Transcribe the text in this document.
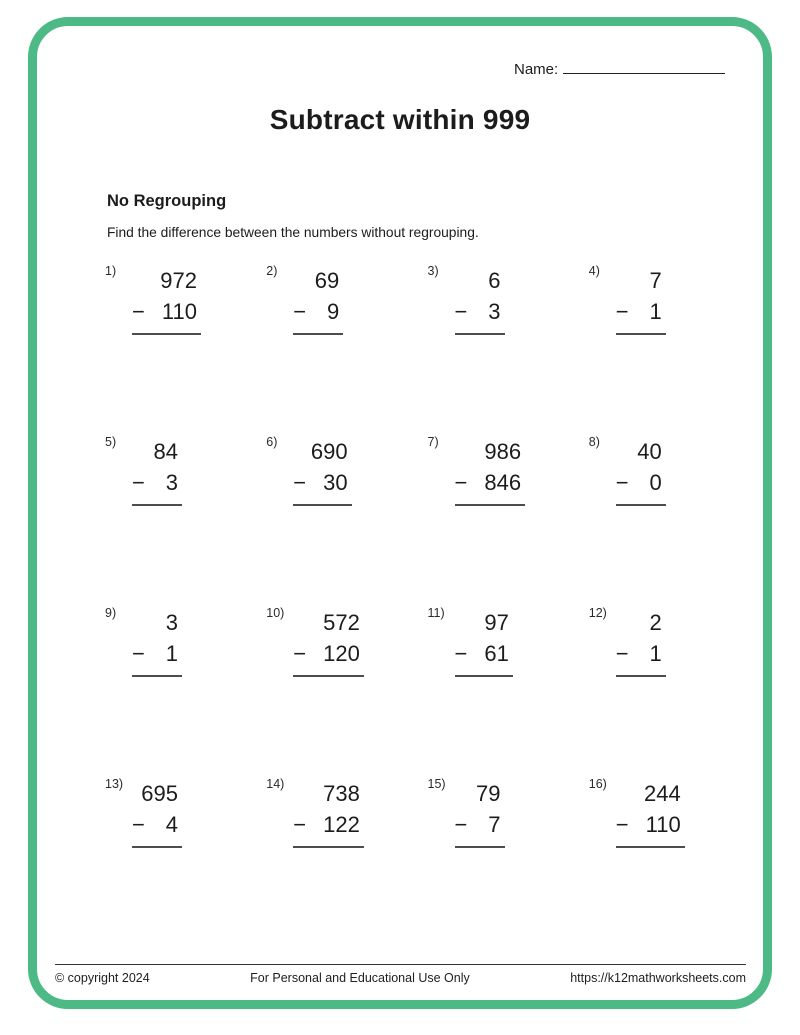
Name:
Subtract within 999
No Regrouping

Find the difference between the numbers without regrouping.

1)	972
− 110
2)	69
− 9
3)	6
− 3
4)	7
− 1
5)	84
− 3
6)	690
− 30
7)	986
− 846
8)	40
− 0
9)	3
− 1
10)	572
− 120
11)	97
− 61
12)	2
− 1
13) 695
− 4
14)	738
− 122
15)	79
− 7
16)	244
− 110
© copyright 2024	For Personal and Educational Use Only	https://k12mathworksheets.com
